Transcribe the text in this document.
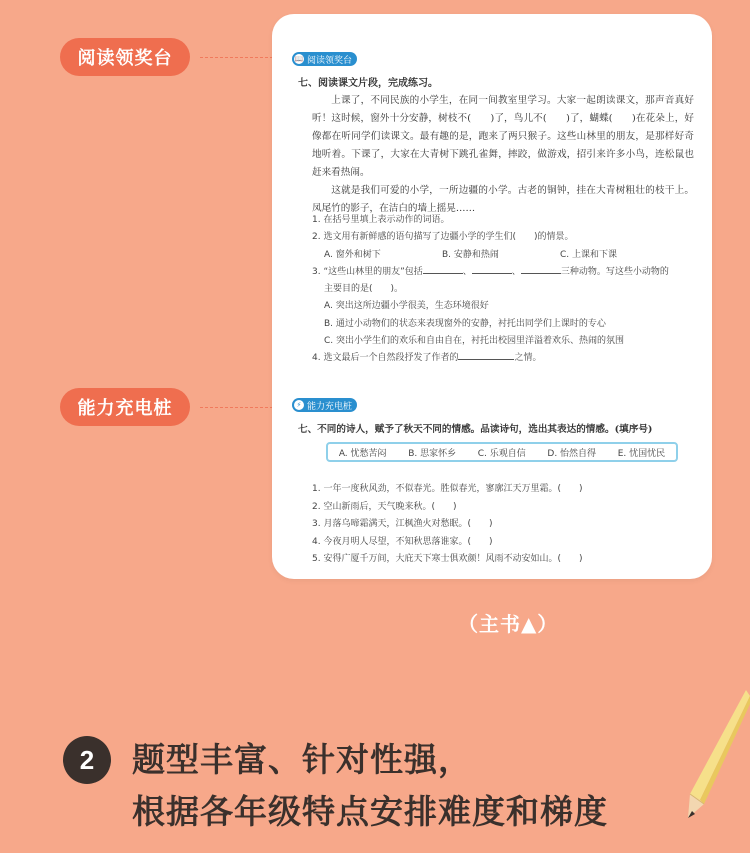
阅读领奖台
能力充电桩
📖 阅读领奖台
七、阅读课文片段，完成练习。

上课了，不同民族的小学生，在同一间教室里学习。大家一起朗读课文，那声音真好听！这时候，窗外十分安静，树枝不(　　)了，鸟儿不(　　)了，蝴蝶(　　)在花朵上，好像都在听同学们读课文。最有趣的是，跑来了两只猴子。这些山林里的朋友，是那样好奇地听着。下课了，大家在大青树下跳孔雀舞，摔跤，做游戏，招引来许多小鸟，连松鼠也赶来看热闹。

这就是我们可爱的小学，一所边疆的小学。古老的铜钟，挂在大青树粗壮的枝干上。凤尾竹的影子，在洁白的墙上摇晃……

1. 在括号里填上表示动作的词语。
2. 选文用有新鲜感的语句描写了边疆小学的学生们(　　)的情景。
A. 窗外和树下	B. 安静和热闹	C. 上课和下课
3. “这些山林里的朋友”包括	、	、	三种动物。写这些小动物的
主要目的是(　　)。
A. 突出这所边疆小学很美，生态环境很好
B. 通过小动物们的状态来表现窗外的安静，衬托出同学们上课时的专心
C. 突出小学生们的欢乐和自由自在，衬托出校园里洋溢着欢乐、热闹的氛围
4. 选文最后一个自然段抒发了作者的	之情。
⚡ 能力充电桩
七、不同的诗人，赋予了秋天不同的情感。品读诗句，选出其表达的情感。(填序号)
A. 忧愁苦闷 B. 思家怀乡 C. 乐观自信 D. 怡然自得 E. 忧国忧民
1. 一年一度秋风劲，不似春光。胜似春光，寥廓江天万里霜。(　　)
2. 空山新雨后，天气晚来秋。(　　)
3. 月落乌啼霜满天，江枫渔火对愁眠。(　　)
4. 今夜月明人尽望，不知秋思落谁家。(　　)
5. 安得广厦千万间，大庇天下寒士俱欢颜！风雨不动安如山。(　　)
（主书▲）
2	题型丰富、针对性强，
根据各年级特点安排难度和梯度
